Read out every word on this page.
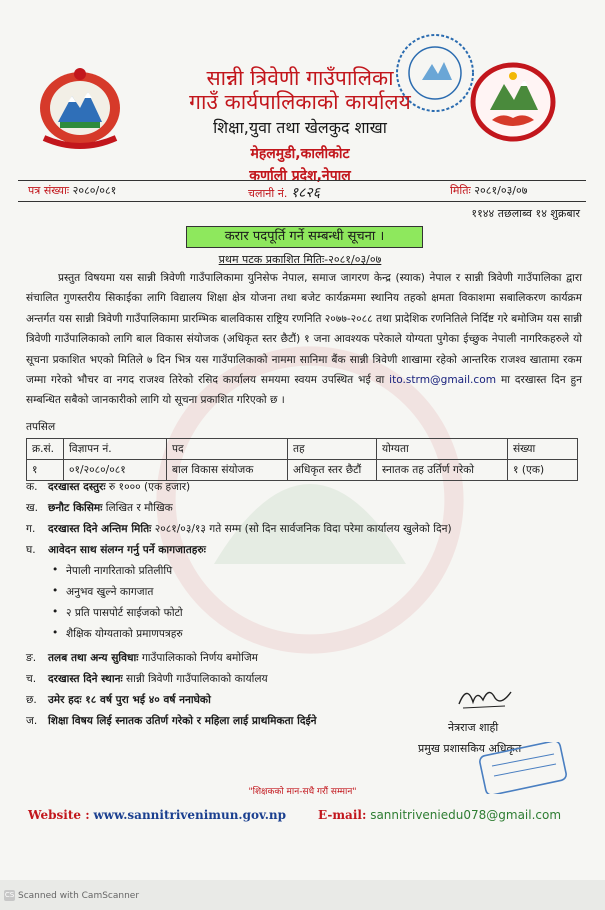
सान्नी त्रिवेणी गाउँपालिका
गाउँ कार्यपालिकाको कार्यालय
शिक्षा,युवा तथा खेलकुद शाखा
मेहलमुडी,कालीकोट
कर्णाली प्रदेश,नेपाल
पत्र संख्याः २०८०/०८१	चलानी नं. १८२६	मितिः २०८१/०३/०७
११४४ तछलाब्व १४ शुक्रबार
करार पदपूर्ति गर्ने सम्बन्धी सूचना ।
प्रथम पटक प्रकाशित मितिः-२०८१/०३/०७

प्रस्तुत विषयमा यस सान्नी त्रिवेणी गाउँपालिकामा युनिसेफ नेपाल, समाज जागरण केन्द्र (स्याक) नेपाल र सान्नी त्रिवेणी गाउँपालिका द्वारा संचालित गुणस्तरीय सिकाईका लागि विद्यालय शिक्षा क्षेत्र योजना तथा बजेट कार्यक्रममा स्थानिय तहको क्षमता विकाशमा सबालिकरण कार्यक्रम अन्तर्गत यस सान्नी त्रिवेणी गाउँपालिकामा प्रारम्भिक बालविकास राष्ट्रिय रणनिति २०७७-२०८८ तथा प्रादेशिक रणनितिले निर्दिष्ट गरे बमोजिम यस सान्नी त्रिवेणी गाउँपालिकाको लागि बाल विकास संयोजक (अधिकृत स्तर छैटौं) १ जना आवश्यक परेकाले योग्यता पुगेका ईच्छुक नेपाली नागरिकहरुले यो सूचना प्रकाशित भएको मितिले ७ दिन भित्र यस गाउँपालिकाको नाममा सानिमा बैंक सान्नी त्रिवेणी शाखामा रहेको आन्तरिक राजश्व खातामा रकम जम्मा गरेको भौचर वा नगद राजश्व तिरेको रसिद कार्यालय समयमा स्वयम उपस्थित भई वा ito.strm@gmail.com मा दरखास्त दिन हुन सम्बन्धित सबैको जानकारीको लागि यो सूचना प्रकाशित गरिएको छ ।

तपसिल
क्र.सं.	विज्ञापन नं.	पद	तह	योग्यता	संख्या
१	०१/२०८०/०८१	बाल विकास संयोजक	अधिकृत स्तर छैटौं	स्नातक तह उर्तिर्ण गरेको	१ (एक)
क. दरखास्त दस्तुरः रु १००० (एक हजार)
ख. छनौट किसिमः लिखित र मौखिक
ग. दरखास्त दिने अन्तिम मितिः २०८१/०३/१३ गते सम्म (सो दिन सार्वजनिक विदा परेमा कार्यालय खुलेको दिन)
घ. आवेदन साथ संलग्न गर्नु पर्ने कागजातहरुः
• नेपाली नागरिताको प्रतिलीपि
• अनुभव खुल्ने कागजात
• २ प्रति पासपोर्ट साईजको फोटो
• शैक्षिक योग्यताको प्रमाणपत्रहरु
ङ. तलब तथा अन्य सुविधाः गाउँपालिकाको निर्णय बमोजिम
च. दरखास्त दिने स्थानः सान्नी त्रिवेणी गाउँपालिकाको कार्यालय
छ. उमेर हदः १८ वर्ष पुरा भई ४० वर्ष ननाघेको
ज. शिक्षा विषय लिई स्नातक उतिर्ण गरेको र महिला लाई प्राथमिकता दिईने	नेत्रराज शाही
प्रमुख प्रशासकिय अधिकृत
"शिक्षकको मान-सधै गरौं सम्मान"
Website : www.sannitrivenimun.gov.np	E-mail: sannitriveniedu078@gmail.com
CS Scanned with CamScanner
